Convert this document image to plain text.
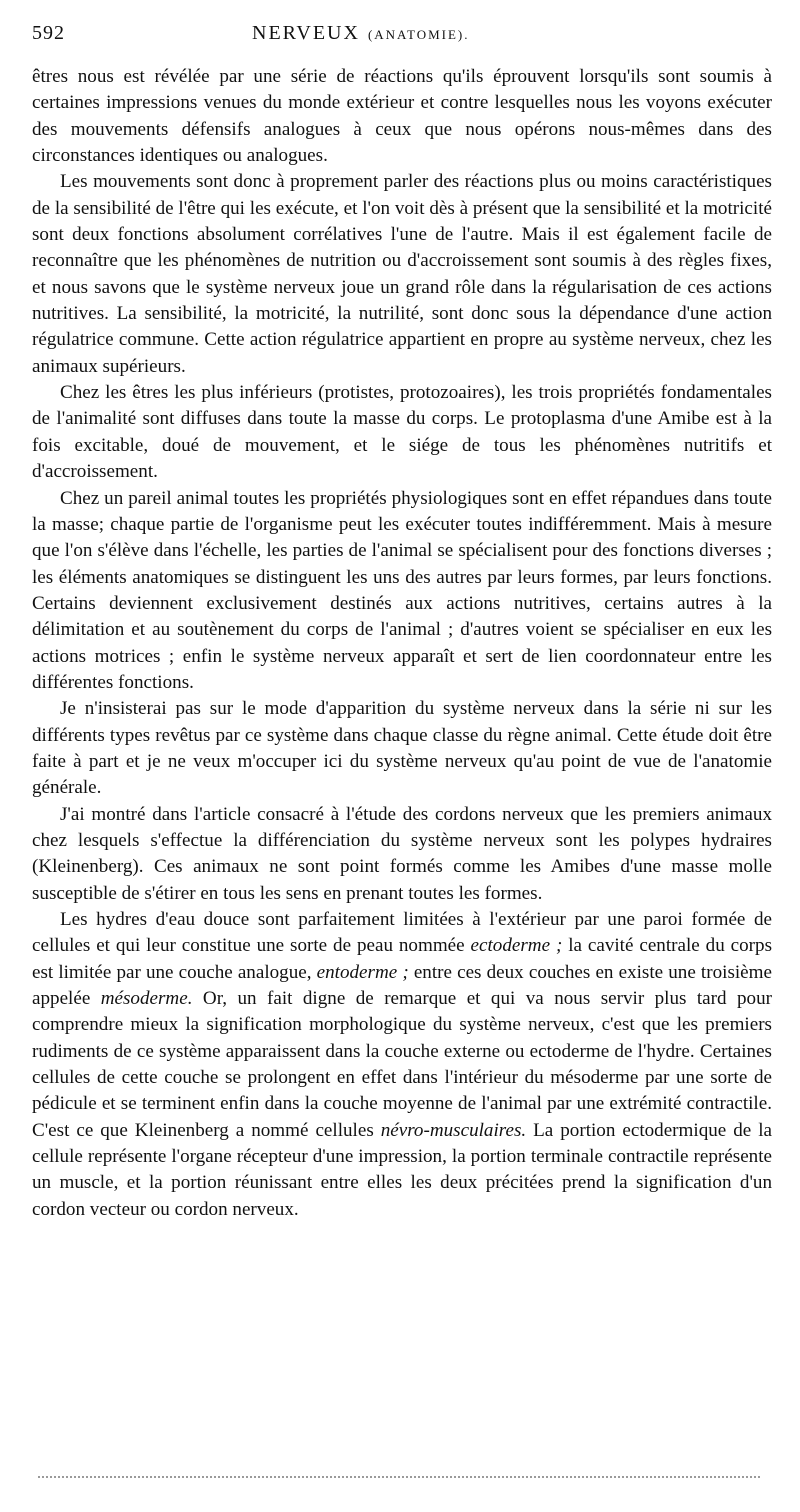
592	NERVEUX (ANATOMIE).

êtres nous est révélée par une série de réactions qu'ils éprouvent lorsqu'ils sont soumis à certaines impressions venues du monde extérieur et contre lesquelles nous les voyons exécuter des mouvements défensifs analogues à ceux que nous opérons nous-mêmes dans des circonstances identiques ou analogues.

Les mouvements sont donc à proprement parler des réactions plus ou moins caractéristiques de la sensibilité de l'être qui les exécute, et l'on voit dès à présent que la sensibilité et la motricité sont deux fonctions absolument corrélatives l'une de l'autre. Mais il est également facile de reconnaître que les phénomènes de nutrition ou d'accroissement sont soumis à des règles fixes, et nous savons que le système nerveux joue un grand rôle dans la régularisation de ces actions nutritives. La sensibilité, la motricité, la nutrilité, sont donc sous la dépendance d'une action régulatrice commune. Cette action régulatrice appartient en propre au système nerveux, chez les animaux supérieurs.

Chez les êtres les plus inférieurs (protistes, protozoaires), les trois propriétés fondamentales de l'animalité sont diffuses dans toute la masse du corps. Le protoplasma d'une Amibe est à la fois excitable, doué de mouvement, et le siége de tous les phénomènes nutritifs et d'accroissement.

Chez un pareil animal toutes les propriétés physiologiques sont en effet répandues dans toute la masse; chaque partie de l'organisme peut les exécuter toutes indifféremment. Mais à mesure que l'on s'élève dans l'échelle, les parties de l'animal se spécialisent pour des fonctions diverses ; les éléments anatomiques se distinguent les uns des autres par leurs formes, par leurs fonctions. Certains deviennent exclusivement destinés aux actions nutritives, certains autres à la délimitation et au soutènement du corps de l'animal ; d'autres voient se spécialiser en eux les actions motrices ; enfin le système nerveux apparaît et sert de lien coordonnateur entre les différentes fonctions.

Je n'insisterai pas sur le mode d'apparition du système nerveux dans la série ni sur les différents types revêtus par ce système dans chaque classe du règne animal. Cette étude doit être faite à part et je ne veux m'occuper ici du système nerveux qu'au point de vue de l'anatomie générale.

J'ai montré dans l'article consacré à l'étude des cordons nerveux que les premiers animaux chez lesquels s'effectue la différenciation du système nerveux sont les polypes hydraires (Kleinenberg). Ces animaux ne sont point formés comme les Amibes d'une masse molle susceptible de s'étirer en tous les sens en prenant toutes les formes.

Les hydres d'eau douce sont parfaitement limitées à l'extérieur par une paroi formée de cellules et qui leur constitue une sorte de peau nommée ectoderme ; la cavité centrale du corps est limitée par une couche analogue, entoderme ; entre ces deux couches en existe une troisième appelée mésoderme. Or, un fait digne de remarque et qui va nous servir plus tard pour comprendre mieux la signification morphologique du système nerveux, c'est que les premiers rudiments de ce système apparaissent dans la couche externe ou ectoderme de l'hydre. Certaines cellules de cette couche se prolongent en effet dans l'intérieur du mésoderme par une sorte de pédicule et se terminent enfin dans la couche moyenne de l'animal par une extrémité contractile. C'est ce que Kleinenberg a nommé cellules névro-musculaires. La portion ectodermique de la cellule représente l'organe récepteur d'une impression, la portion terminale contractile représente un muscle, et la portion réunissant entre elles les deux précitées prend la signification d'un cordon vecteur ou cordon nerveux.
